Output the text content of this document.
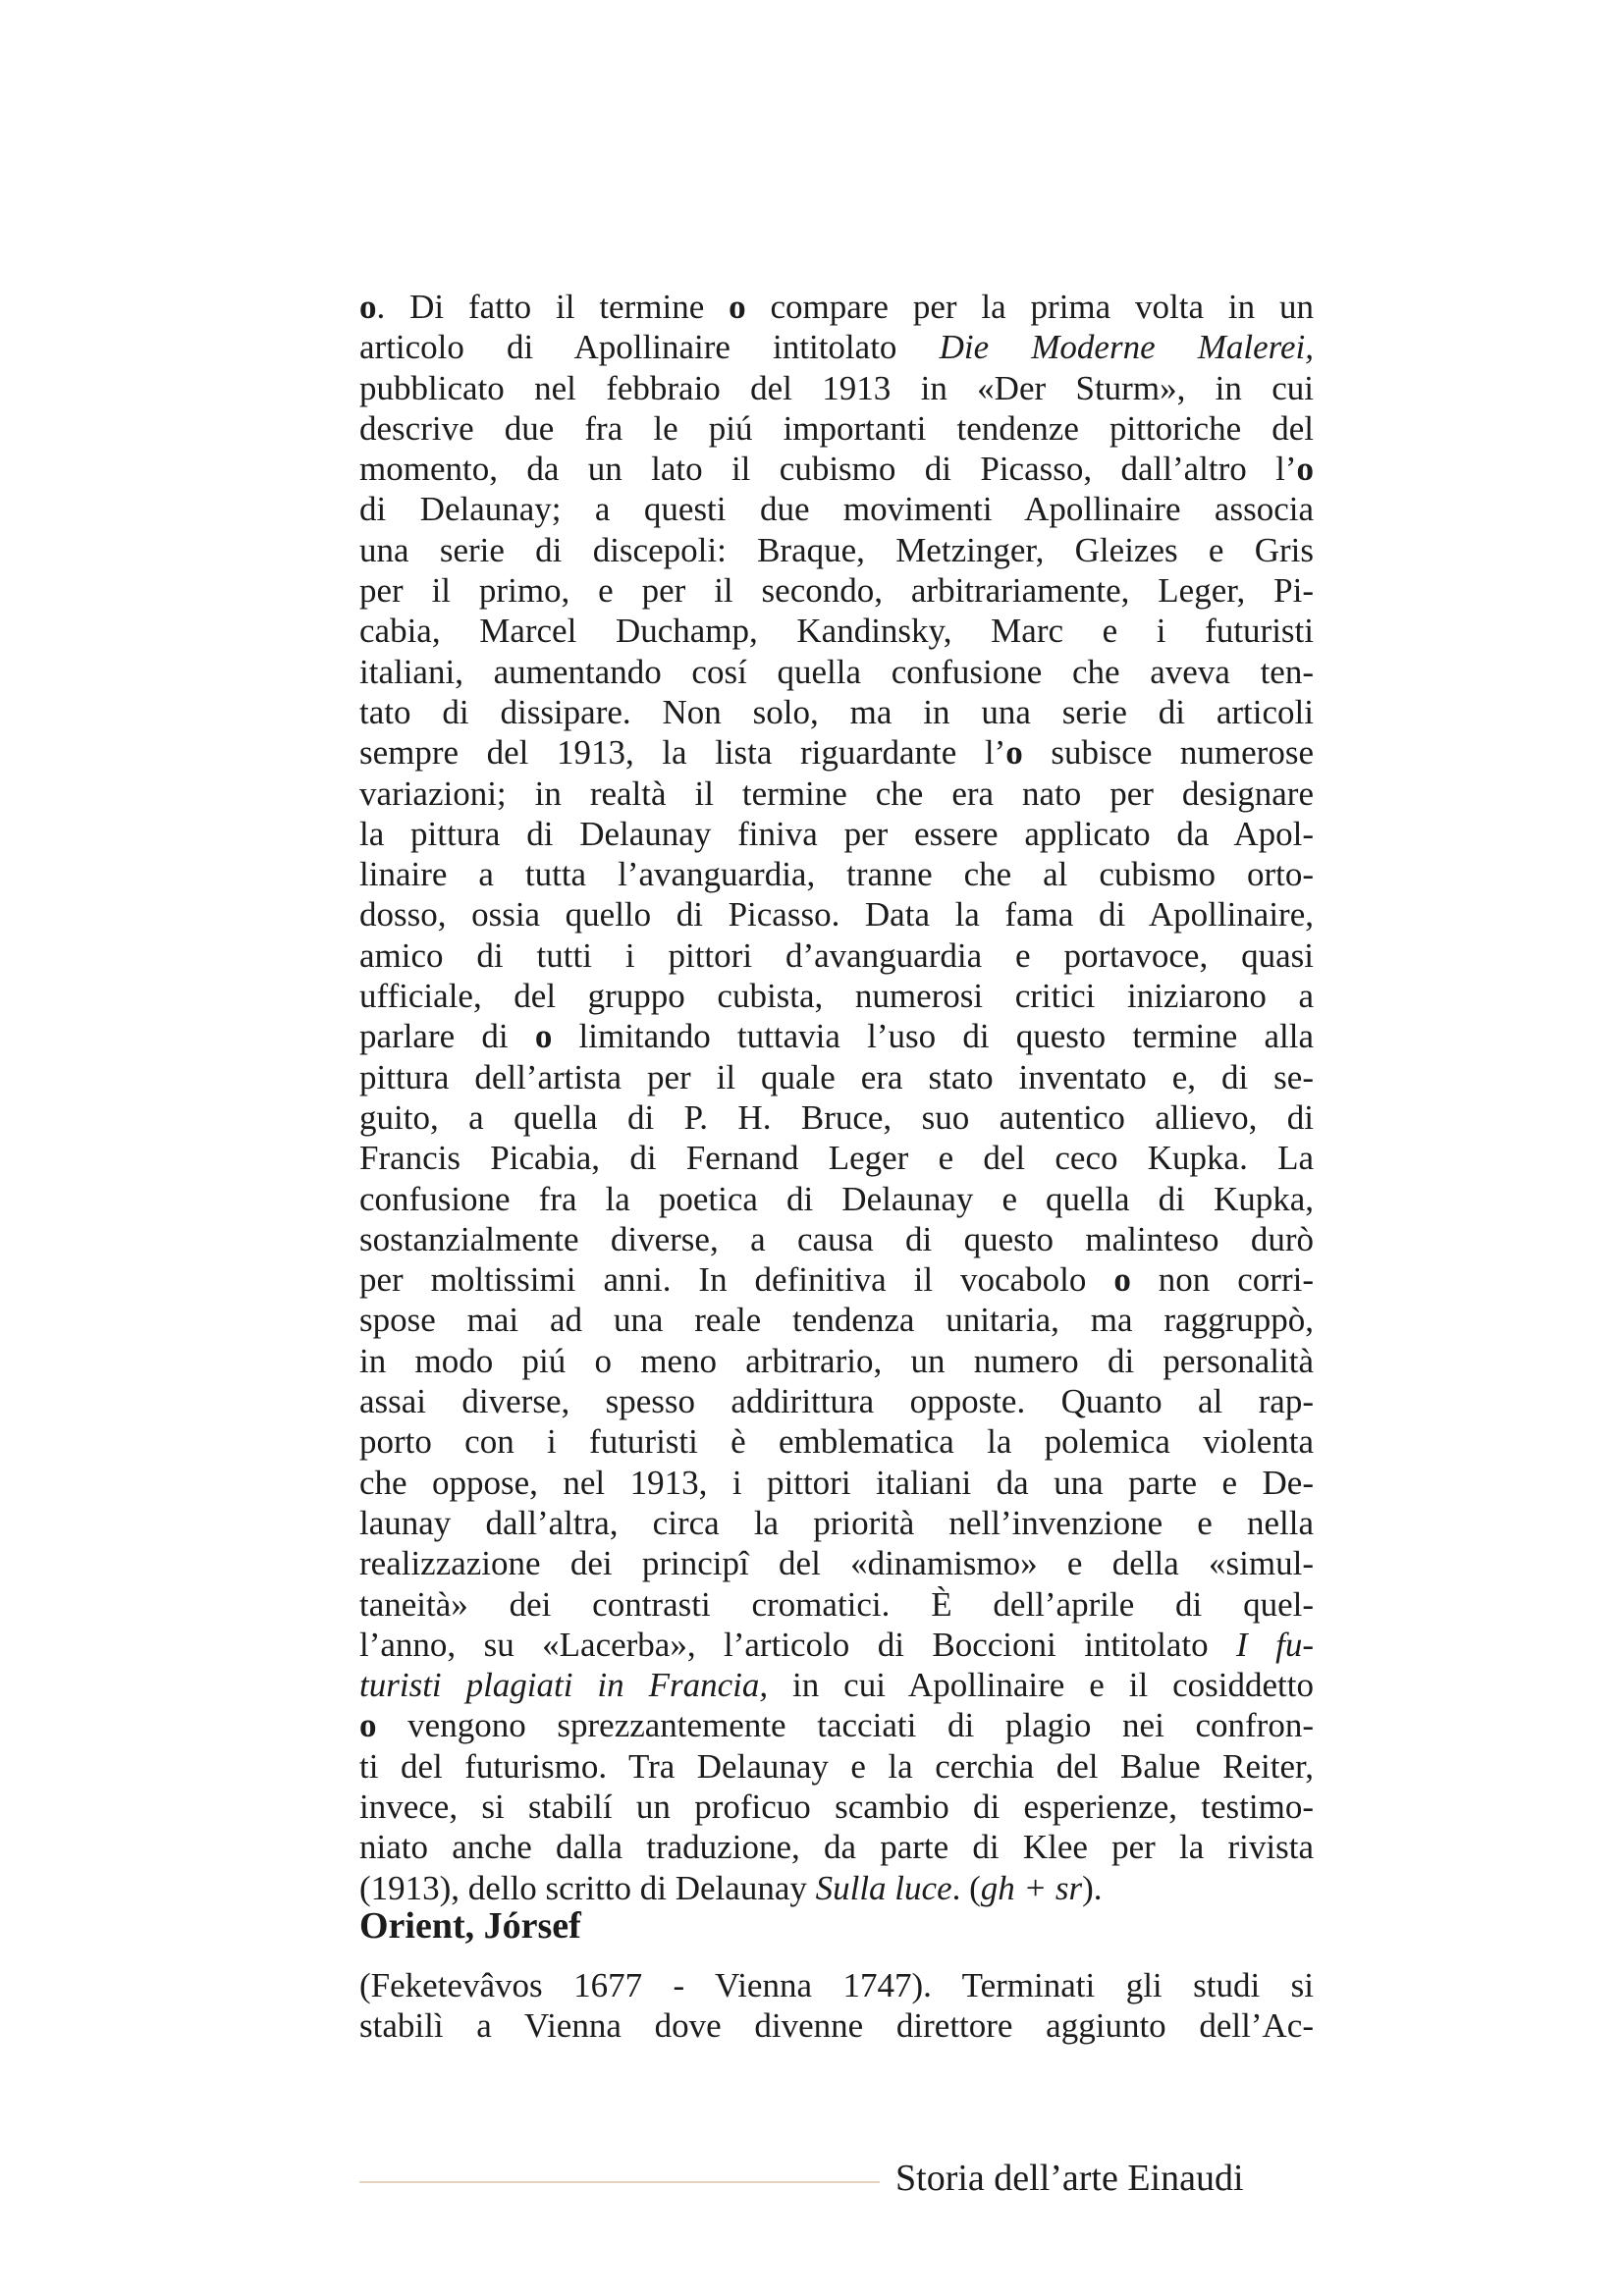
o. Di fatto il termine o compare per la prima volta in un
articolo di Apollinaire intitolato Die Moderne Malerei,
pubblicato nel febbraio del 1913 in «Der Sturm», in cui
descrive due fra le piú importanti tendenze pittoriche del
momento, da un lato il cubismo di Picasso, dall’altro l’o
di Delaunay; a questi due movimenti Apollinaire associa
una serie di discepoli: Braque, Metzinger, Gleizes e Gris
per il primo, e per il secondo, arbitrariamente, Leger, Pi-
cabia, Marcel Duchamp, Kandinsky, Marc e i futuristi
italiani, aumentando cosí quella confusione che aveva ten-
tato di dissipare. Non solo, ma in una serie di articoli
sempre del 1913, la lista riguardante l’o subisce numerose
variazioni; in realtà il termine che era nato per designare
la pittura di Delaunay finiva per essere applicato da Apol-
linaire a tutta l’avanguardia, tranne che al cubismo orto-
dosso, ossia quello di Picasso. Data la fama di Apollinaire,
amico di tutti i pittori d’avanguardia e portavoce, quasi
ufficiale, del gruppo cubista, numerosi critici iniziarono a
parlare di o limitando tuttavia l’uso di questo termine alla
pittura dell’artista per il quale era stato inventato e, di se-
guito, a quella di P. H. Bruce, suo autentico allievo, di
Francis Picabia, di Fernand Leger e del ceco Kupka. La
confusione fra la poetica di Delaunay e quella di Kupka,
sostanzialmente diverse, a causa di questo malinteso durò
per moltissimi anni. In definitiva il vocabolo o non corri-
spose mai ad una reale tendenza unitaria, ma raggruppò,
in modo piú o meno arbitrario, un numero di personalità
assai diverse, spesso addirittura opposte. Quanto al rap-
porto con i futuristi è emblematica la polemica violenta
che oppose, nel 1913, i pittori italiani da una parte e De-
launay dall’altra, circa la priorità nell’invenzione e nella
realizzazione dei principî del «dinamismo» e della «simul-
taneità» dei contrasti cromatici. È dell’aprile di quel-
l’anno, su «Lacerba», l’articolo di Boccioni intitolato I fu-
turisti plagiati in Francia, in cui Apollinaire e il cosiddetto
o vengono sprezzantemente tacciati di plagio nei confron-
ti del futurismo. Tra Delaunay e la cerchia del Balue Reiter,
invece, si stabilí un proficuo scambio di esperienze, testimo-
niato anche dalla traduzione, da parte di Klee per la rivista
(1913), dello scritto di Delaunay Sulla luce. (gh + sr).
Orient, Jórsef
(Feketevâvos 1677 - Vienna 1747). Terminati gli studi si
stabilì a Vienna dove divenne direttore aggiunto dell’Ac-
Storia dell’arte Einaudi
